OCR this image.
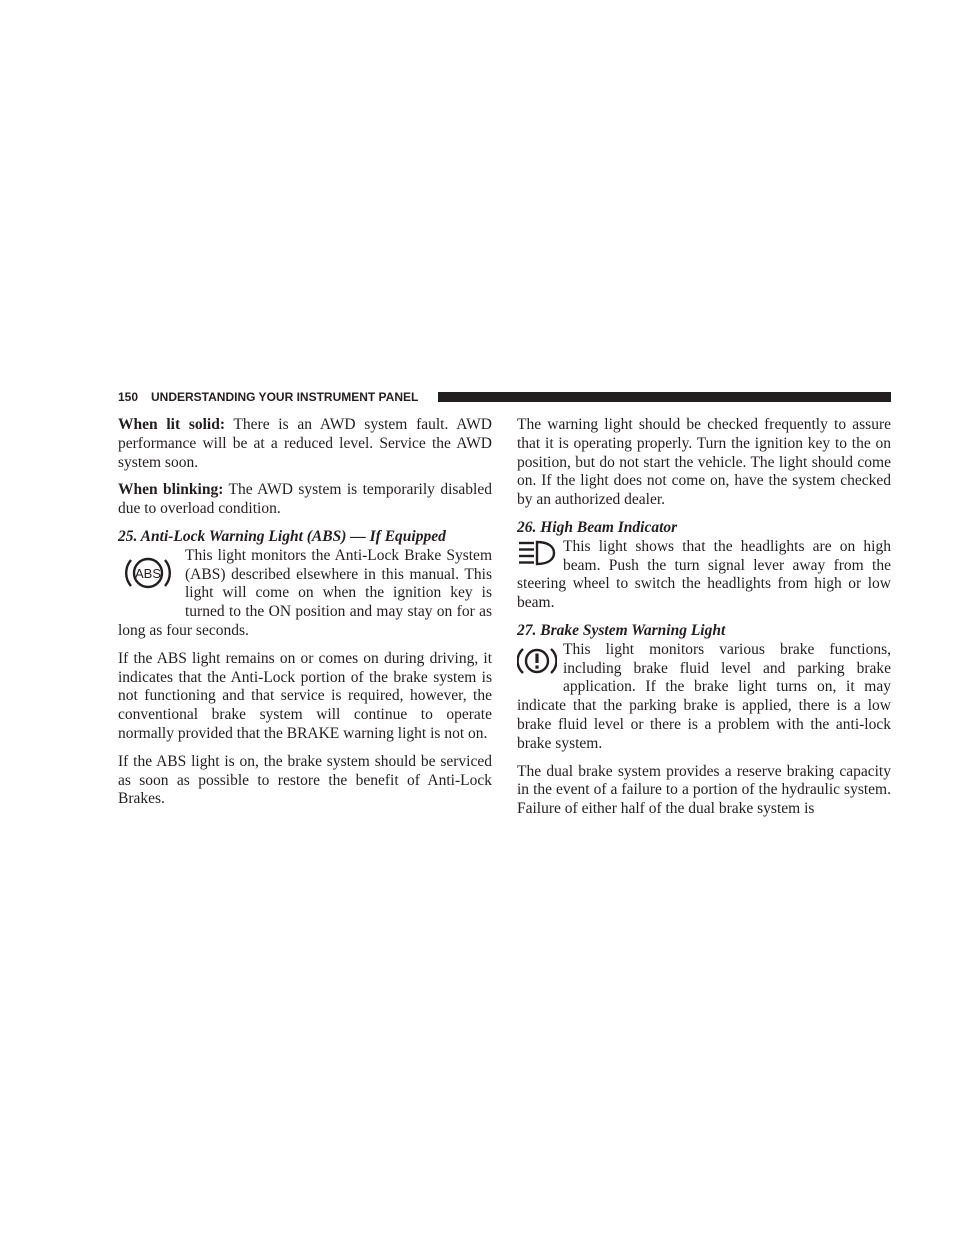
150 UNDERSTANDING YOUR INSTRUMENT PANEL

When lit solid: There is an AWD system fault. AWD performance will be at a reduced level. Service the AWD system soon.

When blinking: The AWD system is temporarily disabled due to overload condition.

25. Anti-Lock Warning Light (ABS) — If Equipped

ABS
This light monitors the Anti-Lock Brake System (ABS) described elsewhere in this manual. This light will come on when the ignition key is turned to the ON position and may stay on for as long as four seconds.

If the ABS light remains on or comes on during driving, it indicates that the Anti-Lock portion of the brake system is not functioning and that service is required, however, the conventional brake system will continue to operate normally provided that the BRAKE warning light is not on.

If the ABS light is on, the brake system should be serviced as soon as possible to restore the benefit of Anti-Lock Brakes.

The warning light should be checked frequently to assure that it is operating properly. Turn the ignition key to the on position, but do not start the vehicle. The light should come on. If the light does not come on, have the system checked by an authorized dealer.

26. High Beam Indicator

This light shows that the headlights are on high beam. Push the turn signal lever away from the steering wheel to switch the headlights from high or low beam.

27. Brake System Warning Light

This light monitors various brake functions, including brake fluid level and parking brake application. If the brake light turns on, it may indicate that the parking brake is applied, there is a low brake fluid level or there is a problem with the anti-lock brake system.

The dual brake system provides a reserve braking capacity in the event of a failure to a portion of the hydraulic system. Failure of either half of the dual brake system is
